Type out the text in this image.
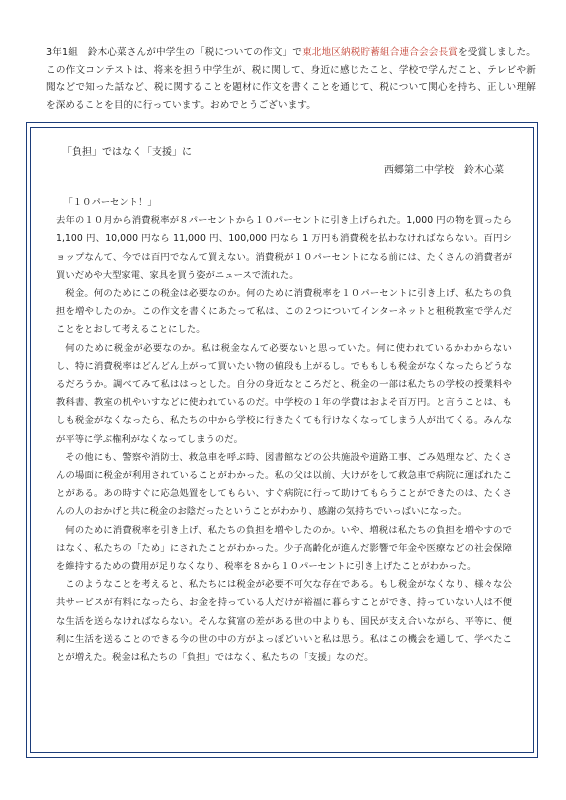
3年1組　鈴木心菜さんが中学生の「税についての作文」で東北地区納税貯蓄組合連合会会長賞を受賞しました。この作文コンテストは、将来を担う中学生が、税に関して、身近に感じたこと、学校で学んだこと、テレビや新聞などで知った話など、税に関することを題材に作文を書くことを通じて、税について関心を持ち、正しい理解を深めることを目的に行っています。おめでとうございます。

「負担」ではなく「支援」に

西郷第二中学校 鈴木心菜

「１０パーセント！」

去年の１０月から消費税率が８パーセントから１０パーセントに引き上げられた。1,000 円の物を買ったら 1,100 円、10,000 円なら 11,000 円、100,000 円なら 1 万円も消費税を払わなければならない。百円ショップなんて、今では百円でなんて買えない。消費税が１０パーセントになる前には、たくさんの消費者が買いだめや大型家電、家具を買う姿がニュースで流れた。

税金。何のためにこの税金は必要なのか。何のために消費税率を１０パーセントに引き上げ、私たちの負担を増やしたのか。この作文を書くにあたって私は、この２つについてインターネットと租税教室で学んだことをとおして考えることにした。

何のために税金が必要なのか。私は税金なんて必要ないと思っていた。何に使われているかわからないし、特に消費税率はどんどん上がって買いたい物の値段も上がるし。でももしも税金がなくなったらどうなるだろうか。調べてみて私ははっとした。自分の身近なところだと、税金の一部は私たちの学校の授業料や教科書、教室の机やいすなどに使われているのだ。中学校の１年の学費はおよそ百万円。と言うことは、もしも税金がなくなったら、私たちの中から学校に行きたくても行けなくなってしまう人が出てくる。みんなが平等に学ぶ権利がなくなってしまうのだ。

その他にも、警察や消防士、救急車を呼ぶ時、図書館などの公共施設や道路工事、ごみ処理など、たくさんの場面に税金が利用されていることがわかった。私の父は以前、大けがをして救急車で病院に運ばれたことがある。あの時すぐに応急処置をしてもらい、すぐ病院に行って助けてもらうことができたのは、たくさんの人のおかげと共に税金のお陰だったということがわかり、感謝の気持ちでいっぱいになった。

何のために消費税率を引き上げ、私たちの負担を増やしたのか。いや、増税は私たちの負担を増やすのではなく、私たちの「ため」にされたことがわかった。少子高齢化が進んだ影響で年金や医療などの社会保障を維持するための費用が足りなくなり、税率を８から１０パーセントに引き上げたことがわかった。

このようなことを考えると、私たちには税金が必要不可欠な存在である。もし税金がなくなり、様々な公共サービスが有料になったら、お金を持っている人だけが裕福に暮らすことができ、持っていない人は不便な生活を送らなければならない。そんな貧富の差がある世の中よりも、国民が支え合いながら、平等に、便利に生活を送ることのできる今の世の中の方がよっぽどいいと私は思う。私はこの機会を通して、学べたことが増えた。税金は私たちの「負担」ではなく、私たちの「支援」なのだ。
